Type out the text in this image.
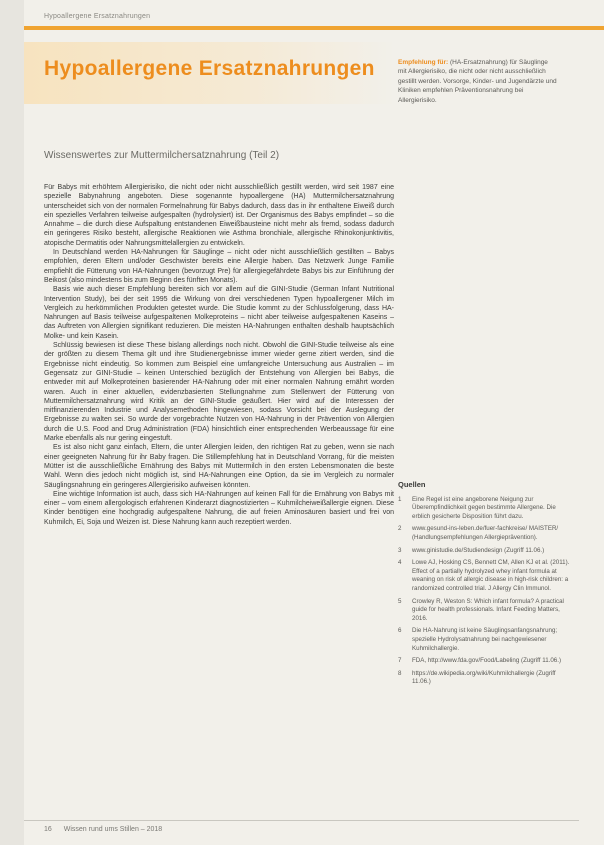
Hypoallergene Ersatznahrungen
Hypoallergene Ersatznahrungen	Empfehlung für: (HA-Ersatznahrung) für Säuglinge mit Allergierisiko, die nicht oder nicht ausschließlich gestillt werden. Vorsorge, Kinder- und Jugendärzte und Kliniken empfehlen Präventionsnahrung bei Allergierisiko.
Wissenswertes zur Muttermilchersatznahrung (Teil 2)

Für Babys mit erhöhtem Allergierisiko, die nicht oder nicht ausschließlich gestillt werden, wird seit 1987 eine spezielle Babynahrung angeboten. Diese sogenannte hypoallergene (HA) Muttermilchersatznahrung unterscheidet sich von der normalen Formelnahrung für Babys dadurch, dass das in ihr enthaltene Eiweiß durch ein spezielles Verfahren teilweise aufgespalten (hydrolysiert) ist. Der Organismus des Babys empfindet – so die Annahme – die durch diese Aufspaltung entstandenen Eiweißbausteine nicht mehr als fremd, sodass dadurch ein geringeres Risiko besteht, allergische Reaktionen wie Asthma bronchiale, allergische Rhinokonjunktivitis, atopische Dermatitis oder Nahrungsmittelallergien zu entwickeln.

In Deutschland werden HA-Nahrungen für Säuglinge – nicht oder nicht ausschließlich gestillten – Babys empfohlen, deren Eltern und/oder Geschwister bereits eine Allergie haben. Das Netzwerk Junge Familie empfiehlt die Fütterung von HA-Nahrungen (bevorzugt Pre) für allergiegefährdete Babys bis zur Einführung der Beikost (also mindestens bis zum Beginn des fünften Monats).

Basis wie auch dieser Empfehlung bereiten sich vor allem auf die GINI-Studie (German Infant Nutritional Intervention Study), bei der seit 1995 die Wirkung von drei verschiedenen Typen hypoallergener Milch im Vergleich zu herkömmlichen Produkten getestet wurde. Die Studie kommt zu der Schlussfolgerung, dass HA-Nahrungen auf Basis teilweise aufgespaltenen Molkeproteins – nicht aber teilweise aufgespaltenen Kaseins – das Auftreten von Allergien signifikant reduzieren. Die meisten HA-Nahrungen enthalten deshalb hauptsächlich Molke- und kein Kasein.

Schlüssig bewiesen ist diese These bislang allerdings noch nicht. Obwohl die GINI-Studie teilweise als eine der größten zu diesem Thema gilt und ihre Studienergebnisse immer wieder gerne zitiert werden, sind die Ergebnisse nicht eindeutig. So kommen zum Beispiel eine umfangreiche Untersuchung aus Australien – im Gegensatz zur GINI-Studie – keinen Unterschied bezüglich der Entstehung von Allergien bei Babys, die entweder mit auf Molkeproteinen basierender HA-Nahrung oder mit einer normalen Nahrung ernährt worden waren. Auch in einer aktuellen, evidenzbasierten Stellungnahme zum Stellenwert der Fütterung von Muttermilchersatznahrung wird Kritik an der GINI-Studie geäußert. Hier wird auf die Interessen der mitfinanzierenden Industrie und Analysemethoden hingewiesen, sodass Vorsicht bei der Auslegung der Ergebnisse zu walten sei. So wurde der vorgebrachte Nutzen von HA-Nahrung in der Prävention von Allergien durch die U.S. Food and Drug Administration (FDA) hinsichtlich einer entsprechenden Werbeaussage für eine Marke ebenfalls als nur gering eingestuft.

Es ist also nicht ganz einfach, Eltern, die unter Allergien leiden, den richtigen Rat zu geben, wenn sie nach einer geeigneten Nahrung für ihr Baby fragen. Die Stillempfehlung hat in Deutschland Vorrang, für die meisten Mütter ist die ausschließliche Ernährung des Babys mit Muttermilch in den ersten Lebensmonaten die beste Wahl. Wenn dies jedoch nicht möglich ist, sind HA-Nahrungen eine Option, da sie im Vergleich zu normaler Säuglingsnahrung ein geringeres Allergierisiko aufweisen könnten.

Eine wichtige Information ist auch, dass sich HA-Nahrungen auf keinen Fall für die Ernährung von Babys mit einer – vom einem allergologisch erfahrenen Kinderarzt diagnostizierten – Kuhmilcheiweißallergie eignen. Diese Kinder benötigen eine hochgradig aufgespaltene Nahrung, die auf freien Aminosäuren basiert und frei von Kuhmilch, Ei, Soja und Weizen ist. Diese Nahrung kann auch rezeptiert werden.

Quellen
1 Eine Regel ist eine angeborene Neigung zur Überempfindlichkeit gegen bestimmte Allergene. Die erblich gesicherte Disposition führt dazu.
2 www.gesund-ins-leben.de/fuer-fachkreise/ MAISTER/ (Handlungsempfehlungen Allergieprävention).
3 www.ginistudie.de/Studiendesign (Zugriff 11.06.)
4 Lowe AJ, Hosking CS, Bennett CM, Allen KJ et al. (2011). Effect of a partially hydrolyzed whey infant formula at weaning on risk of allergic disease in high-risk children: a randomized controlled trial. J Allergy Clin Immunol.
5 Crowley R, Weston S: Which infant formula? A practical guide for health professionals. Infant Feeding Matters, 2016.
6 Die HA-Nahrung ist keine Säuglingsanfangsnahrung; spezielle Hydrolysatnahrung bei nachgewiesener Kuhmilchallergie.
7 FDA, http://www.fda.gov/Food/Labeling (Zugriff 11.06.)
8 https://de.wikipedia.org/wiki/Kuhmilchallergie (Zugriff 11.06.)
16 Wissen rund ums Stillen – 2018
